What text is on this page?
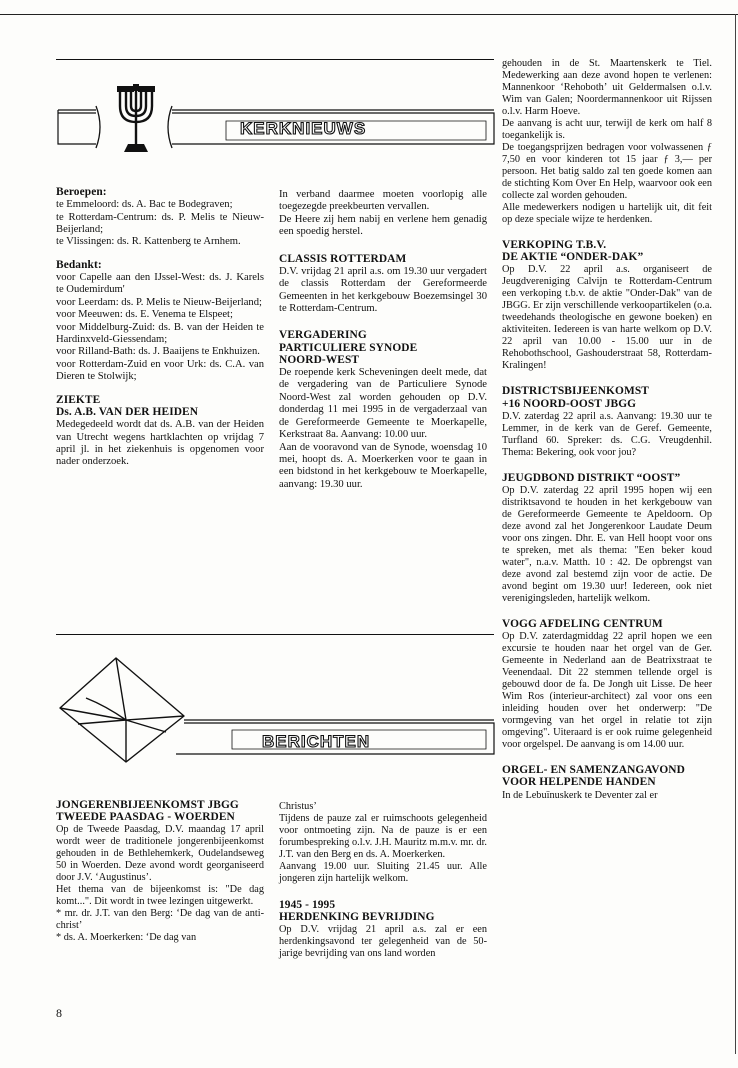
KERKNIEUWS
Beroepen:

te Emmeloord: ds. A. Bac te Bodegraven;

te Rotterdam-Centrum: ds. P. Melis te Nieuw-Beijerland;

te Vlissingen: ds. R. Kattenberg te Arnhem.

Bedankt:

voor Capelle aan den IJssel-West: ds. J. Karels te Oudemirdum'

voor Leerdam: ds. P. Melis te Nieuw-Beijerland;

voor Meeuwen: ds. E. Venema te Elspeet;

voor Middelburg-Zuid: ds. B. van der Heiden te Hardinxveld-Giessendam;

voor Rilland-Bath: ds. J. Baaijens te Enkhuizen.

voor Rotterdam-Zuid en voor Urk: ds. C.A. van Dieren te Stolwijk;

ZIEKTE
Ds. A.B. VAN DER HEIDEN

Medegedeeld wordt dat ds. A.B. van der Heiden van Utrecht wegens hartklachten op vrijdag 7 april jl. in het ziekenhuis is opgenomen voor nader onderzoek.

In verband daarmee moeten voorlopig alle toegezegde preekbeurten vervallen.

De Heere zij hem nabij en verlene hem genadig een spoedig herstel.

CLASSIS ROTTERDAM

D.V. vrijdag 21 april a.s. om 19.30 uur vergadert de classis Rotterdam der Gereformeerde Gemeenten in het kerkgebouw Boezemsingel 30 te Rotterdam-Centrum.

VERGADERING
PARTICULIERE SYNODE
NOORD-WEST

De roepende kerk Scheveningen deelt mede, dat de vergadering van de Particuliere Synode Noord-West zal worden gehouden op D.V. donderdag 11 mei 1995 in de vergaderzaal van de Gereformeerde Gemeente te Moerkapelle, Kerkstraat 8a. Aanvang: 10.00 uur.

Aan de vooravond van de Synode, woensdag 10 mei, hoopt ds. A. Moerkerken voor te gaan in een bidstond in het kerkgebouw te Moerkapelle, aanvang: 19.30 uur.

gehouden in de St. Maartenskerk te Tiel. Medewerking aan deze avond hopen te verlenen: Mannenkoor ‘Rehoboth’ uit Geldermalsen o.l.v. Wim van Galen; Noordermannenkoor uit Rijssen o.l.v. Harm Hoeve.

De aanvang is acht uur, terwijl de kerk om half 8 toegankelijk is.

De toegangsprijzen bedragen voor volwassenen ƒ 7,50 en voor kinderen tot 15 jaar ƒ 3,— per persoon. Het batig saldo zal ten goede komen aan de stichting Kom Over En Help, waarvoor ook een collecte zal worden gehouden.

Alle medewerkers nodigen u hartelijk uit, dit feit op deze speciale wijze te herdenken.

VERKOPING T.B.V.
DE AKTIE “ONDER-DAK”

Op D.V. 22 april a.s. organiseert de Jeugdvereniging Calvijn te Rotterdam-Centrum een verkoping t.b.v. de aktie "Onder-Dak" van de JBGG. Er zijn verschillende verkoopartikelen (o.a. tweedehands theologische en gewone boeken) en aktiviteiten. Iedereen is van harte welkom op D.V. 22 april van 10.00 - 15.00 uur in de Rehobothschool, Gashouderstraat 58, Rotterdam-Kralingen!

DISTRICTSBIJEENKOMST
+16 NOORD-OOST JBGG

D.V. zaterdag 22 april a.s. Aanvang: 19.30 uur te Lemmer, in de kerk van de Geref. Gemeente, Turfland 60. Spreker: ds. C.G. Vreugdenhil. Thema: Bekering, ook voor jou?

JEUGDBOND DISTRIKT “OOST”

Op D.V. zaterdag 22 april 1995 hopen wij een distriktsavond te houden in het kerkgebouw van de Gereformeerde Gemeente te Apeldoorn. Op deze avond zal het Jongerenkoor Laudate Deum voor ons zingen. Dhr. E. van Hell hoopt voor ons te spreken, met als thema: "Een beker koud water", n.a.v. Matth. 10 : 42. De opbrengst van deze avond zal bestemd zijn voor de actie. De avond begint om 19.30 uur! Iedereen, ook niet verenigingsleden, hartelijk welkom.

VOGG AFDELING CENTRUM

Op D.V. zaterdagmiddag 22 april hopen we een excursie te houden naar het orgel van de Ger. Gemeente in Nederland aan de Beatrixstraat te Veenendaal. Dit 22 stemmen tellende orgel is gebouwd door de fa. De Jongh uit Lisse. De heer Wim Ros (interieur-architect) zal voor ons een inleiding houden over het onderwerp: "De vormgeving van het orgel in relatie tot zijn omgeving". Uiteraard is er ook ruime gelegenheid voor orgelspel. De aanvang is om 14.00 uur.

ORGEL- EN SAMENZANGAVOND
VOOR HELPENDE HANDEN

In de Lebuïnuskerk te Deventer zal er

BERICHTEN
JONGERENBIJEENKOMST JBGG
TWEEDE PAASDAG - WOERDEN

Op de Tweede Paasdag, D.V. maandag 17 april wordt weer de traditionele jongerenbijeenkomst gehouden in de Bethlehemkerk, Oudelandseweg 50 in Woerden. Deze avond wordt georganiseerd door J.V. ‘Augustinus’.

Het thema van de bijeenkomst is: "De dag komt...". Dit wordt in twee lezingen uitgewerkt.

* mr. dr. J.T. van den Berg: ‘De dag van de anti-christ’

* ds. A. Moerkerken: ‘De dag van

Christus’

Tijdens de pauze zal er ruimschoots gelegenheid voor ontmoeting zijn. Na de pauze is er een forumbespreking o.l.v. J.H. Mauritz m.m.v. mr. dr. J.T. van den Berg en ds. A. Moerkerken.

Aanvang 19.00 uur. Sluiting 21.45 uur. Alle jongeren zijn hartelijk welkom.

1945 - 1995
HERDENKING BEVRIJDING

Op D.V. vrijdag 21 april a.s. zal er een herdenkingsavond ter gelegenheid van de 50-jarige bevrijding van ons land worden

8
